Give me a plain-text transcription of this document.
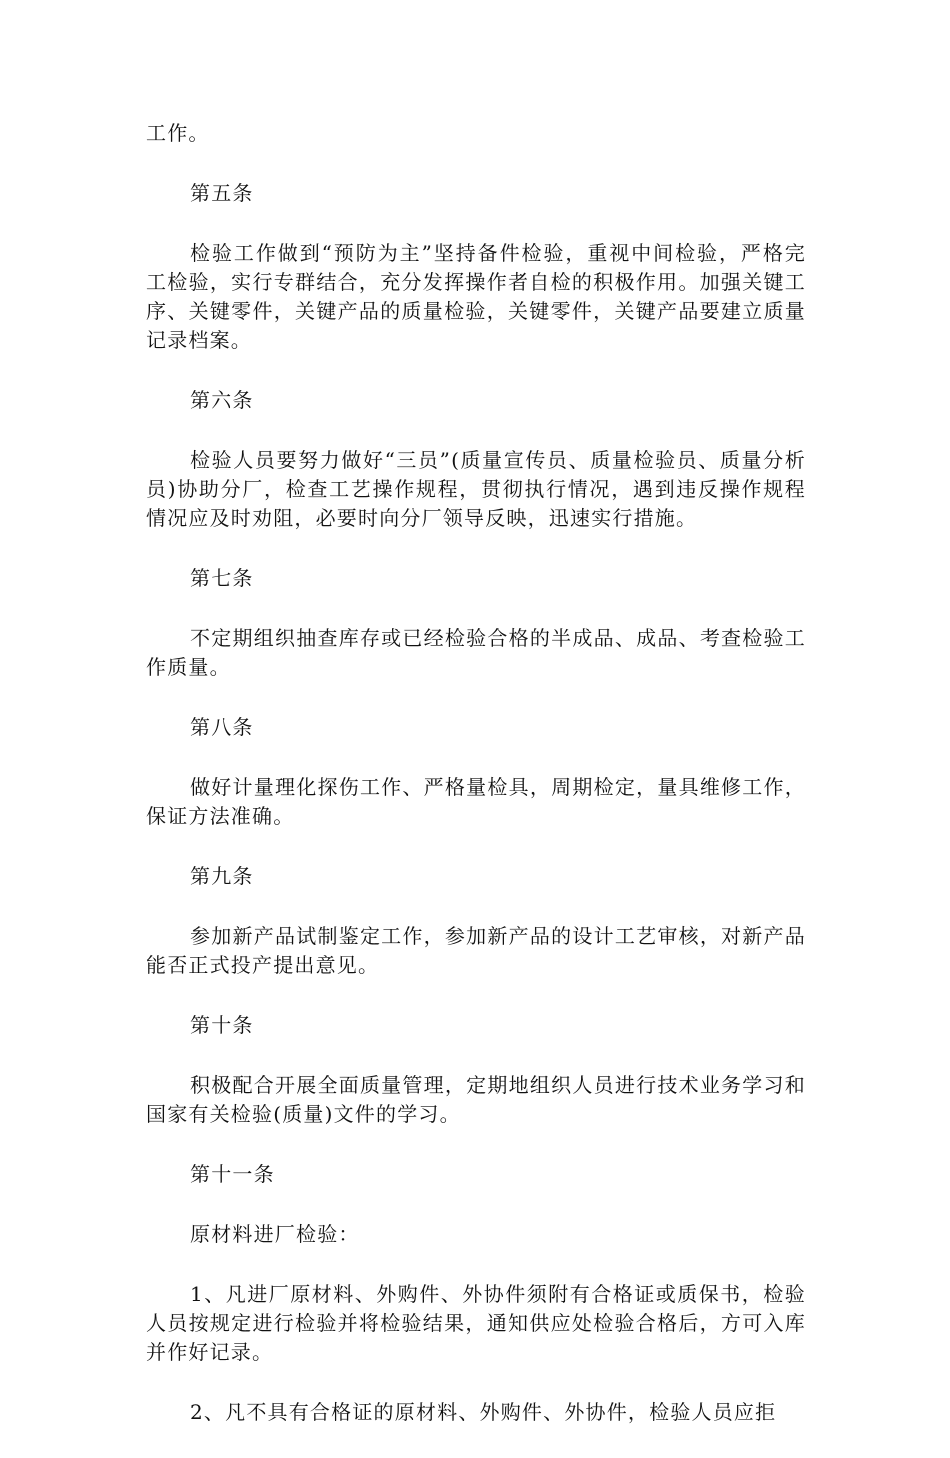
工作。

第五条

检验工作做到“预防为主”坚持备件检验，重视中间检验，严格完工检验，实行专群结合，充分发挥操作者自检的积极作用。加强关键工序、关键零件，关键产品的质量检验，关键零件，关键产品要建立质量记录档案。

第六条

检验人员要努力做好“三员”(质量宣传员、质量检验员、质量分析员)协助分厂，检查工艺操作规程，贯彻执行情况，遇到违反操作规程情况应及时劝阻，必要时向分厂领导反映，迅速实行措施。

第七条

不定期组织抽查库存或已经检验合格的半成品、成品、考查检验工作质量。

第八条

做好计量理化探伤工作、严格量检具，周期检定，量具维修工作，保证方法准确。

第九条

参加新产品试制鉴定工作，参加新产品的设计工艺审核，对新产品能否正式投产提出意见。

第十条

积极配合开展全面质量管理，定期地组织人员进行技术业务学习和国家有关检验(质量)文件的学习。

第十一条

原材料进厂检验：

1、凡进厂原材料、外购件、外协件须附有合格证或质保书，检验人员按规定进行检验并将检验结果，通知供应处检验合格后，方可入库并作好记录。

2、凡不具有合格证的原材料、外购件、外协件，检验人员应拒
